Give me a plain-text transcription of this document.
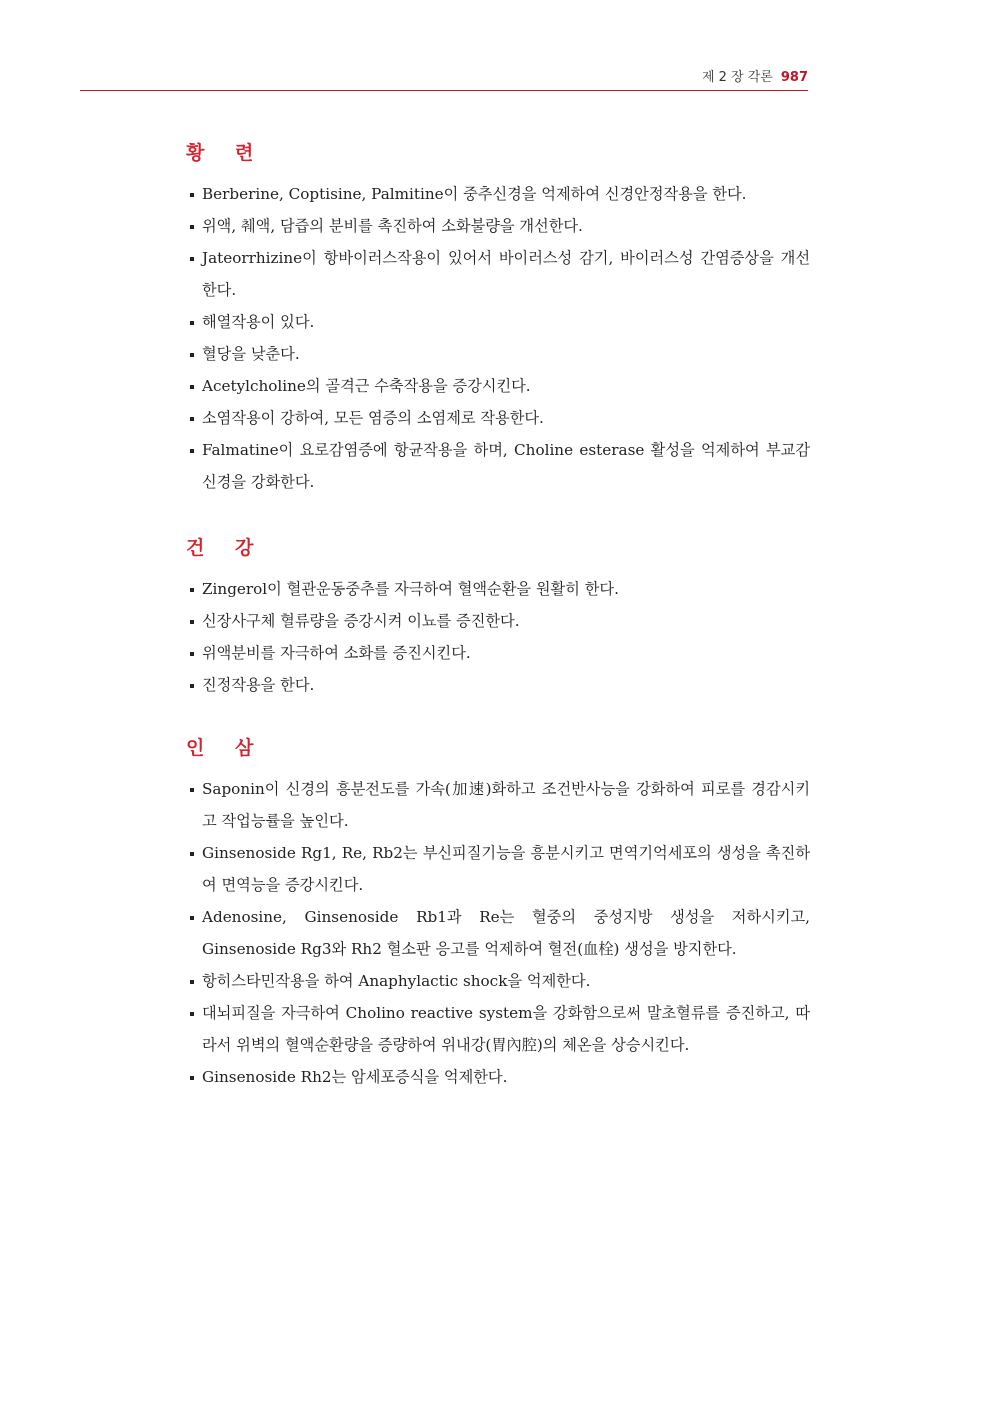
제 2 장 각론 987
황 련
Berberine, Coptisine, Palmitine이 중추신경을 억제하여 신경안정작용을 한다.
위액, 췌액, 담즙의 분비를 촉진하여 소화불량을 개선한다.
Jateorrhizine이 항바이러스작용이 있어서 바이러스성 감기, 바이러스성 간염증상을 개선한다.
해열작용이 있다.
혈당을 낮춘다.
Acetylcholine의 골격근 수축작용을 증강시킨다.
소염작용이 강하여, 모든 염증의 소염제로 작용한다.
Falmatine이 요로감염증에 항균작용을 하며, Choline esterase 활성을 억제하여 부교감신경을 강화한다.
건 강
Zingerol이 혈관운동중추를 자극하여 혈액순환을 원활히 한다.
신장사구체 혈류량을 증강시켜 이뇨를 증진한다.
위액분비를 자극하여 소화를 증진시킨다.
진정작용을 한다.
인 삼
Saponin이 신경의 흥분전도를 가속(加速)화하고 조건반사능을 강화하여 피로를 경감시키고 작업능률을 높인다.
Ginsenoside Rg1, Re, Rb2는 부신피질기능을 흥분시키고 면역기억세포의 생성을 촉진하여 면역능을 증강시킨다.
Adenosine, Ginsenoside Rb1과 Re는 혈중의 중성지방 생성을 저하시키고, Ginsenoside Rg3와 Rh2 혈소판 응고를 억제하여 혈전(血栓) 생성을 방지한다.
항히스타민작용을 하여 Anaphylactic shock을 억제한다.
대뇌피질을 자극하여 Cholino reactive system을 강화함으로써 말초혈류를 증진하고, 따라서 위벽의 혈액순환량을 증량하여 위내강(胃內腔)의 체온을 상승시킨다.
Ginsenoside Rh2는 암세포증식을 억제한다.
